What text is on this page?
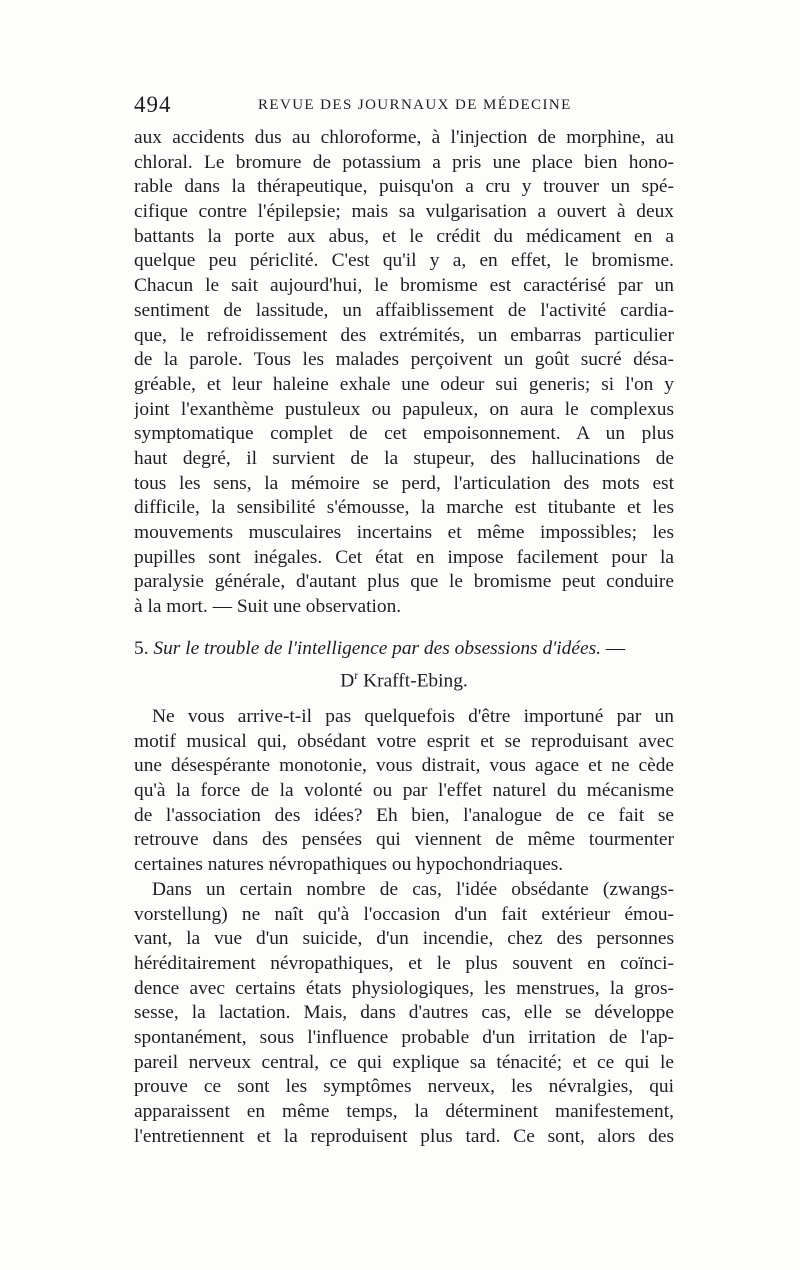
494	REVUE DES JOURNAUX DE MÉDECINE
aux accidents dus au chloroforme, à l'injection de morphine, au
chloral. Le bromure de potassium a pris une place bien hono-
rable dans la thérapeutique, puisqu'on a cru y trouver un spé-
cifique contre l'épilepsie; mais sa vulgarisation a ouvert à deux
battants la porte aux abus, et le crédit du médicament en a
quelque peu périclité. C'est qu'il y a, en effet, le bromisme.
Chacun le sait aujourd'hui, le bromisme est caractérisé par un
sentiment de lassitude, un affaiblissement de l'activité cardia-
que, le refroidissement des extrémités, un embarras particulier
de la parole. Tous les malades perçoivent un goût sucré désa-
gréable, et leur haleine exhale une odeur sui generis; si l'on y
joint l'exanthème pustuleux ou papuleux, on aura le complexus
symptomatique complet de cet empoisonnement. A un plus
haut degré, il survient de la stupeur, des hallucinations de
tous les sens, la mémoire se perd, l'articulation des mots est
difficile, la sensibilité s'émousse, la marche est titubante et les
mouvements musculaires incertains et même impossibles; les
pupilles sont inégales. Cet état en impose facilement pour la
paralysie générale, d'autant plus que le bromisme peut conduire
à la mort. — Suit une observation.
5. Sur le trouble de l'intelligence par des obsessions d'idées. —
$D^r$ Krafft-Ebing.
Ne vous arrive-t-il pas quelquefois d'être importuné par un
motif musical qui, obsédant votre esprit et se reproduisant avec
une désespérante monotonie, vous distrait, vous agace et ne cède
qu'à la force de la volonté ou par l'effet naturel du mécanisme
de l'association des idées? Eh bien, l'analogue de ce fait se
retrouve dans des pensées qui viennent de même tourmenter
certaines natures névropathiques ou hypochondriaques.
Dans un certain nombre de cas, l'idée obsédante (zwangs-
vorstellung) ne naît qu'à l'occasion d'un fait extérieur émou-
vant, la vue d'un suicide, d'un incendie, chez des personnes
héréditairement névropathiques, et le plus souvent en coïnci-
dence avec certains états physiologiques, les menstrues, la gros-
sesse, la lactation. Mais, dans d'autres cas, elle se développe
spontanément, sous l'influence probable d'un irritation de l'ap-
pareil nerveux central, ce qui explique sa ténacité; et ce qui le
prouve ce sont les symptômes nerveux, les névralgies, qui
apparaissent en même temps, la déterminent manifestement,
l'entretiennent et la reproduisent plus tard. Ce sont, alors des
